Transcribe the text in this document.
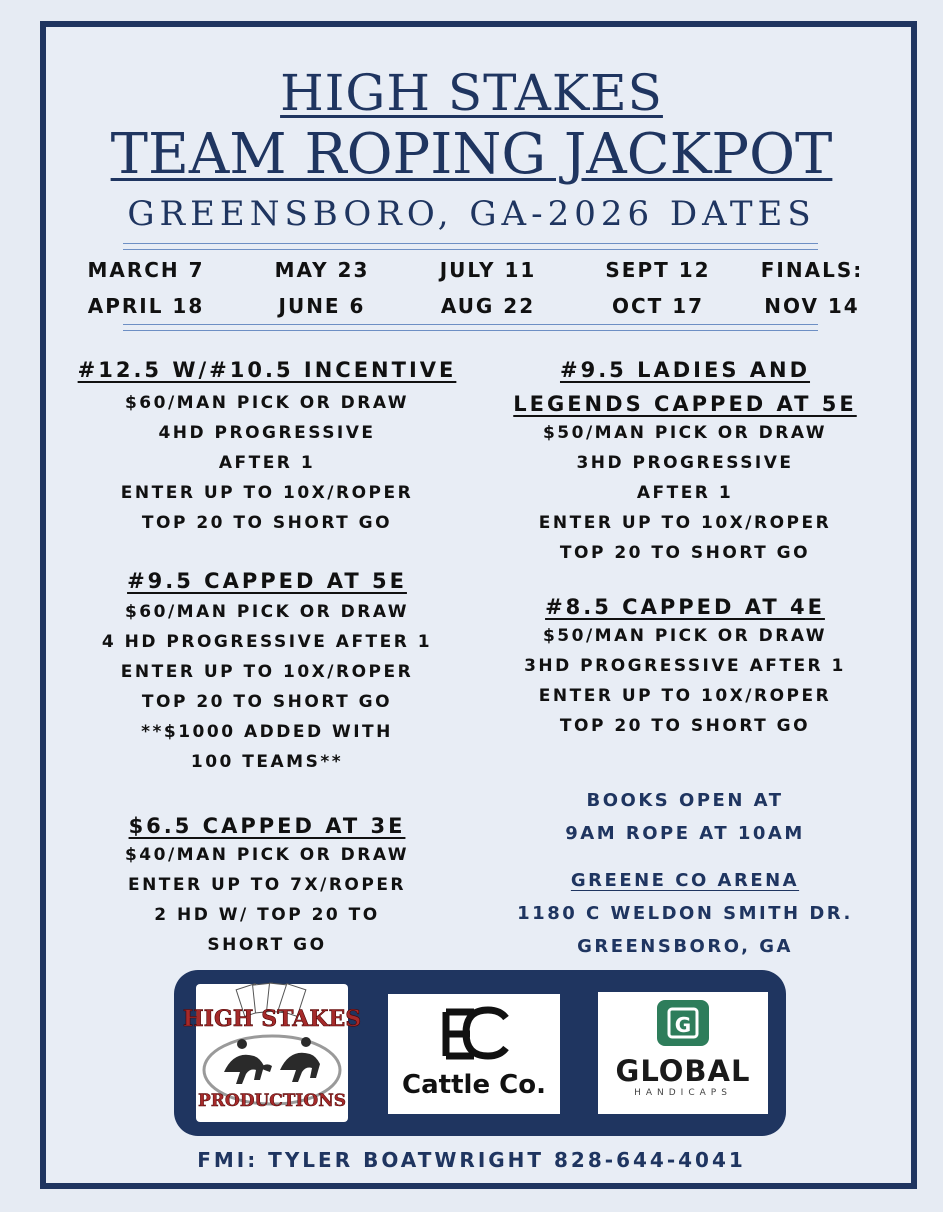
HIGH STAKES
TEAM ROPING JACKPOT
GREENSBORO, GA-2026 DATES
MARCH 7
APRIL 18
MAY 23
JUNE 6
JULY 11
AUG 22
SEPT 12
OCT 17
FINALS:
NOV 14
#12.5 W/#10.5 INCENTIVE
$60/MAN PICK OR DRAW
4HD PROGRESSIVE
AFTER 1
ENTER UP TO 10X/ROPER
TOP 20 TO SHORT GO
#9.5 CAPPED AT 5E
$60/MAN PICK OR DRAW
4 HD PROGRESSIVE AFTER 1
ENTER UP TO 10X/ROPER
TOP 20 TO SHORT GO
**$1000 ADDED WITH
100 TEAMS**
$6.5 CAPPED AT 3E
$40/MAN PICK OR DRAW
ENTER UP TO 7X/ROPER
2 HD W/ TOP 20 TO
SHORT GO
#9.5 LADIES AND
LEGENDS CAPPED AT 5E
$50/MAN PICK OR DRAW
3HD PROGRESSIVE
AFTER 1
ENTER UP TO 10X/ROPER
TOP 20 TO SHORT GO
#8.5 CAPPED AT 4E
$50/MAN PICK OR DRAW
3HD PROGRESSIVE AFTER 1
ENTER UP TO 10X/ROPER
TOP 20 TO SHORT GO
BOOKS OPEN AT
9AM ROPE AT 10AM
GREENE CO ARENA
1180 C WELDON SMITH DR.
GREENSBORO, GA
HIGH STAKES
PRODUCTIONS
Cattle Co.
G
GLOBAL
HANDICAPS
FMI: TYLER BOATWRIGHT 828-644-4041
